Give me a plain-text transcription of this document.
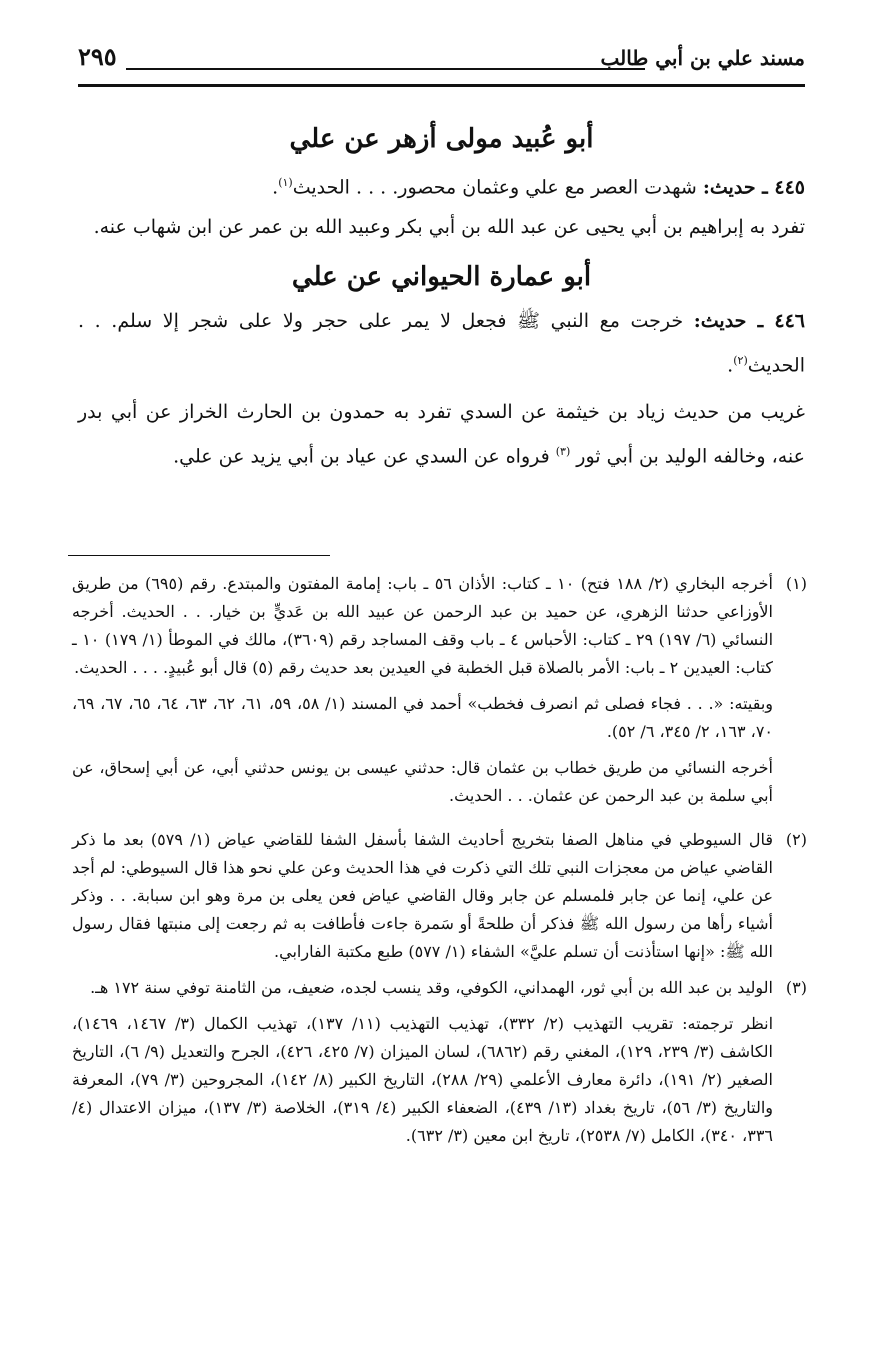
مسند علي بن أبي طالب
٢٩٥
أبو عُبيد مولى أزهر عن علي

٤٤٥ ـ حديث: شهدت العصر مع علي وعثمان محصور. . . . الحديث$^{(١)}$.

تفرد به إبراهيم بن أبي يحيى عن عبد الله بن أبي بكر وعبيد الله بن عمر عن ابن شهاب عنه.

أبو عمارة الحيواني عن علي

٤٤٦ ـ حديث: خرجت مع النبي ﷺ فجعل لا يمر على حجر ولا على شجر إلا سلم. . . الحديث$^{(٢)}$.

غريب من حديث زياد بن خيثمة عن السدي تفرد به حمدون بن الحارث الخراز عن أبي بدر عنه، وخالفه الوليد بن أبي ثور $^{(٣)}$ فرواه عن السدي عن عياد بن أبي يزيد عن علي.

(١)

أخرجه البخاري (٢/ ١٨٨ فتح) ١٠ ـ كتاب: الأذان ٥٦ ـ باب: إمامة المفتون والمبتدع. رقم (٦٩٥) من طريق الأوزاعي حدثنا الزهري، عن حميد بن عبد الرحمن عن عبيد الله بن عَديٍّ بن خيار. . . الحديث. أخرجه النسائي (٦/ ١٩٧) ٢٩ ـ كتاب: الأحباس ٤ ـ باب وقف المساجد رقم (٣٦٠٩)، مالك في الموطأ (١/ ١٧٩) ١٠ ـ كتاب: العيدين ٢ ـ باب: الأمر بالصلاة قبل الخطبة في العيدين بعد حديث رقم (٥) قال أبو عُبيدٍ. . . . الحديث.

وبقيته: «. . . فجاء فصلى ثم انصرف فخطب» أحمد في المسند (١/ ٥٨، ٥٩، ٦١، ٦٢، ٦٣، ٦٤، ٦٥، ٦٧، ٦٩، ٧٠، ١٦٣، ٢/ ٣٤٥، ٦/ ٥٢).

أخرجه النسائي من طريق خطاب بن عثمان قال: حدثني عيسى بن يونس حدثني أبي، عن أبي إسحاق، عن أبي سلمة بن عبد الرحمن عن عثمان. . . الحديث.

(٢)

قال السيوطي في مناهل الصفا بتخريج أحاديث الشفا بأسفل الشفا للقاضي عياض (١/ ٥٧٩) بعد ما ذكر القاضي عياض من معجزات النبي تلك التي ذكرت في هذا الحديث وعن علي نحو هذا قال السيوطي: لم أجد عن علي، إنما عن جابر فلمسلم عن جابر وقال القاضي عياض فعن يعلى بن مرة وهو ابن سبابة. . . وذكر أشياء رأها من رسول الله ﷺ فذكر أن طلحةً أو سَمرة جاءت فأطافت به ثم رجعت إلى منبتها فقال رسول الله ﷺ: «إنها استأذنت أن تسلم عليَّ» الشفاء (١/ ٥٧٧) طبع مكتبة الفارابي.

(٣)

الوليد بن عبد الله بن أبي ثور، الهمداني، الكوفي، وقد ينسب لجده، ضعيف، من الثامنة توفي سنة ١٧٢ هـ.

انظر ترجمته: تقريب التهذيب (٢/ ٣٣٢)، تهذيب التهذيب (١١/ ١٣٧)، تهذيب الكمال (٣/ ١٤٦٧، ١٤٦٩)، الكاشف (٣/ ٢٣٩، ١٢٩)، المغني رقم (٦٨٦٢)، لسان الميزان (٧/ ٤٢٥، ٤٢٦)، الجرح والتعديل (٩/ ٦)، التاريخ الصغير (٢/ ١٩١)، دائرة معارف الأعلمي (٢٩/ ٢٨٨)، التاريخ الكبير (٨/ ١٤٢)، المجروحين (٣/ ٧٩)، المعرفة والتاريخ (٣/ ٥٦)، تاريخ بغداد (١٣/ ٤٣٩)، الضعفاء الكبير (٤/ ٣١٩)، الخلاصة (٣/ ١٣٧)، ميزان الاعتدال (٤/ ٣٣٦، ٣٤٠)، الكامل (٧/ ٢٥٣٨)، تاريخ ابن معين (٣/ ٦٣٢).
